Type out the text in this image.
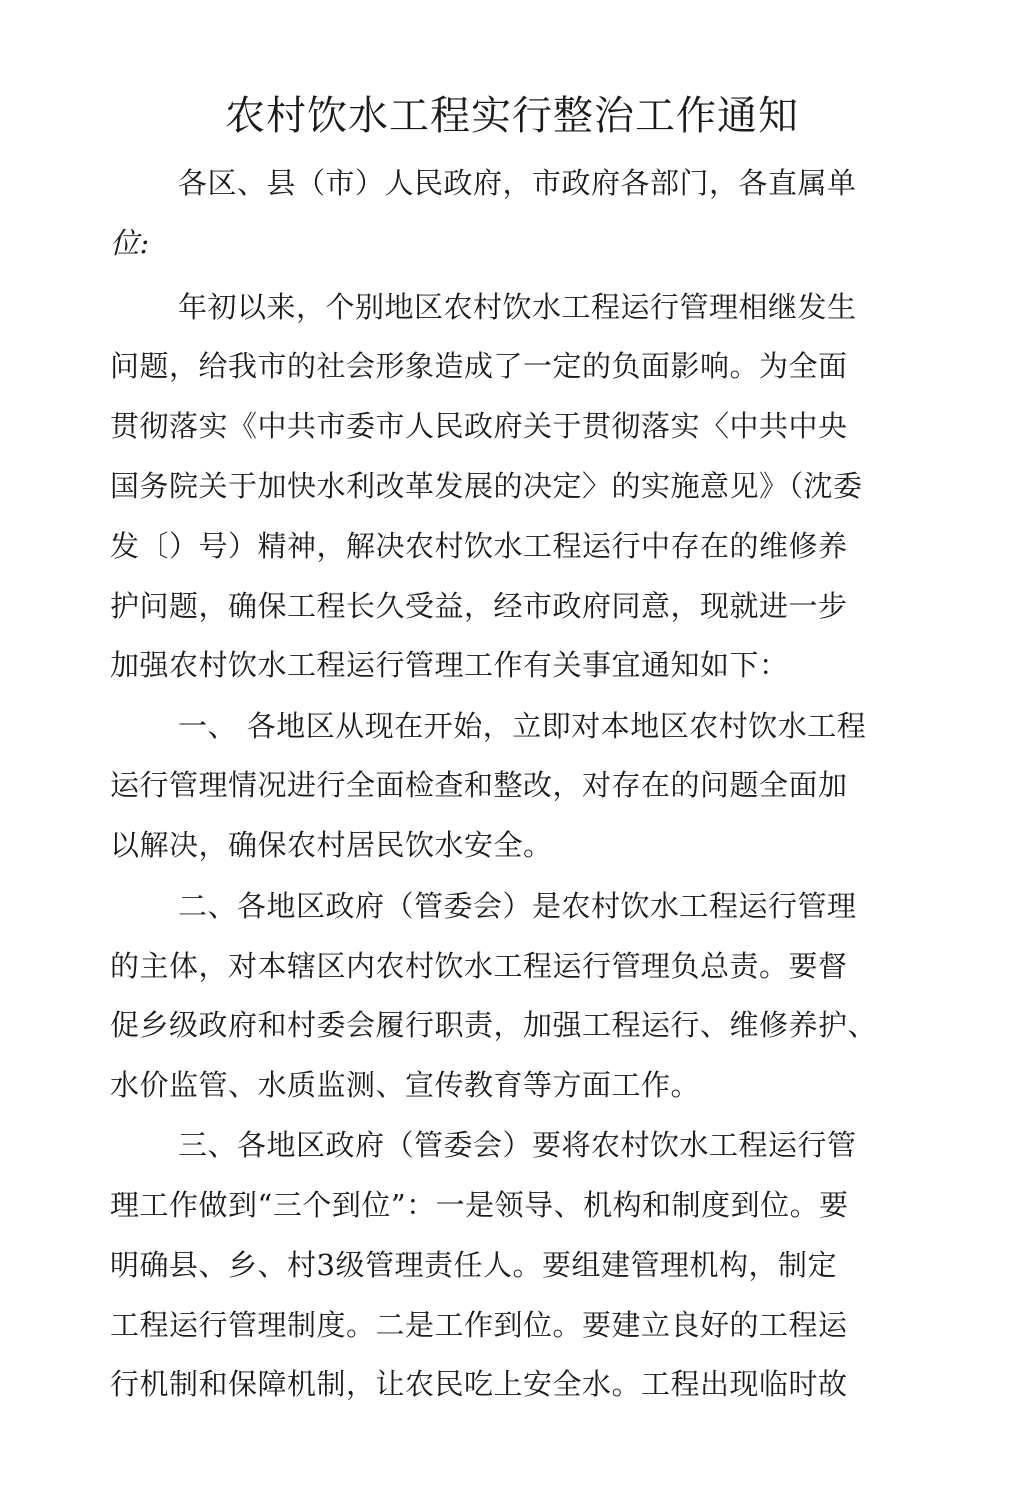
农村饮水工程实行整治工作通知
各区、县（市）人民政府，市政府各部门，各直属单
位:
年初以来，个别地区农村饮水工程运行管理相继发生
问题，给我市的社会形象造成了一定的负面影响。为全面
贯彻落实《中共市委市人民政府关于贯彻落实〈中共中央
国务院关于加快水利改革发展的决定〉的实施意见》（沈委
发〔）号）精神，解决农村饮水工程运行中存在的维修养
护问题，确保工程长久受益，经市政府同意，现就进一步
加强农村饮水工程运行管理工作有关事宜通知如下：
一、 各地区从现在开始，立即对本地区农村饮水工程
运行管理情况进行全面检查和整改，对存在的问题全面加
以解决，确保农村居民饮水安全。
二、各地区政府（管委会）是农村饮水工程运行管理
的主体，对本辖区内农村饮水工程运行管理负总责。要督
促乡级政府和村委会履行职责，加强工程运行、维修养护、
水价监管、水质监测、宣传教育等方面工作。
三、各地区政府（管委会）要将农村饮水工程运行管
理工作做到“三个到位”：一是领导、机构和制度到位。要
明确县、乡、村3级管理责任人。要组建管理机构，制定
工程运行管理制度。二是工作到位。要建立良好的工程运
行机制和保障机制，让农民吃上安全水。工程出现临时故
